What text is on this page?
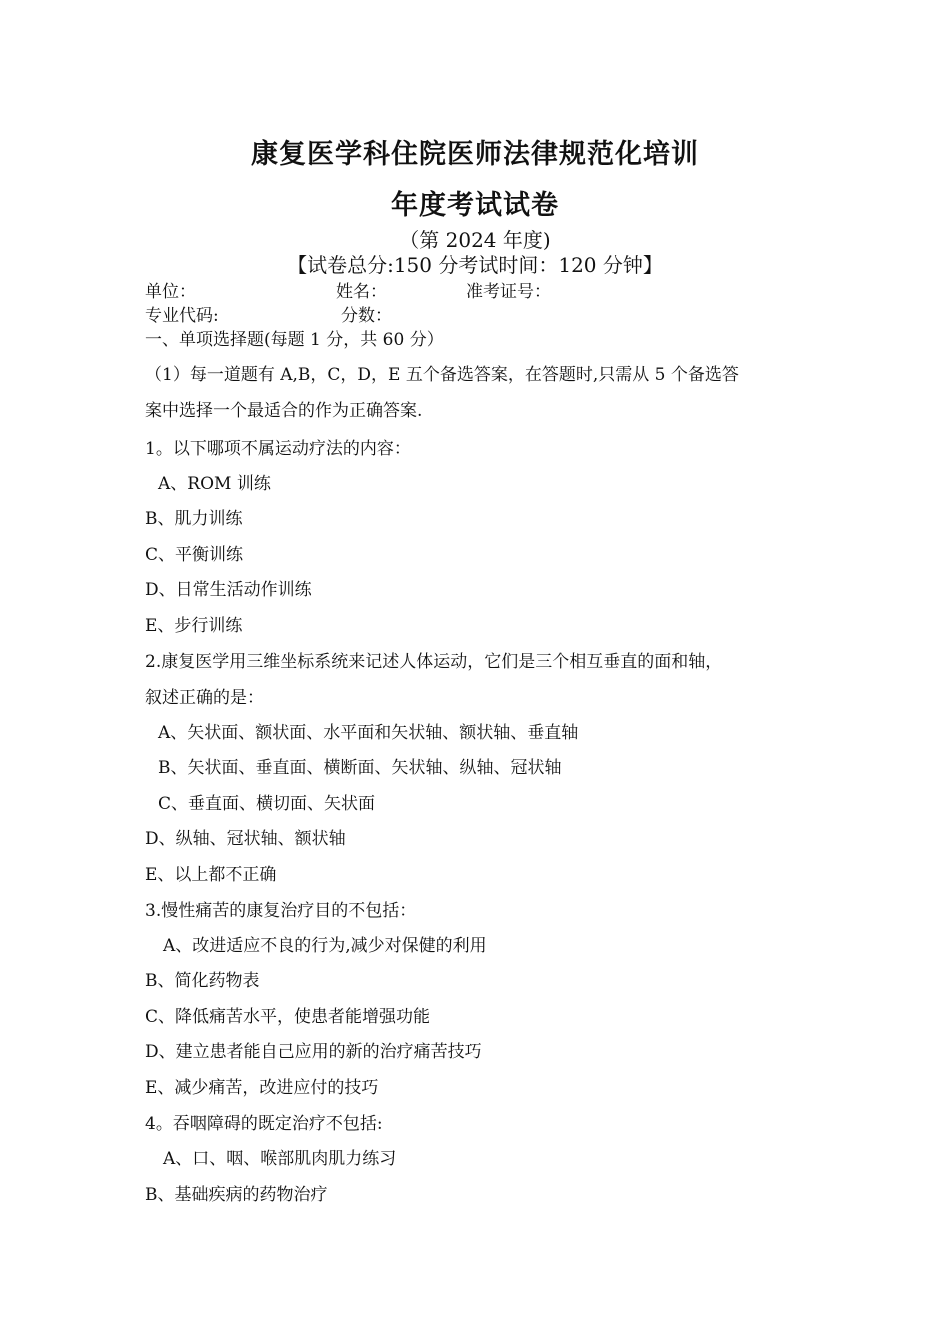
康复医学科住院医师法律规范化培训
年度考试试卷
（第 2024 年度)
【试卷总分:150 分考试时间：120 分钟】
单位：	姓名：	准考证号：
专业代码:	分数：
一、单项选择题(每题 1 分，共 60 分）
（1）每一道题有 A,B，C，D，E 五个备选答案，在答题时,只需从 5 个备选答
案中选择一个最适合的作为正确答案.
1。以下哪项不属运动疗法的内容：
A、ROM 训练
B、肌力训练
C、平衡训练
D、日常生活动作训练
E、步行训练
2.康复医学用三维坐标系统来记述人体运动，它们是三个相互垂直的面和轴，
叙述正确的是：
A、矢状面、额状面、水平面和矢状轴、额状轴、垂直轴
B、矢状面、垂直面、横断面、矢状轴、纵轴、冠状轴
C、垂直面、横切面、矢状面
D、纵轴、冠状轴、额状轴
E、以上都不正确
3.慢性痛苦的康复治疗目的不包括：
A、改进适应不良的行为,减少对保健的利用
B、简化药物表
C、降低痛苦水平，使患者能增强功能
D、建立患者能自己应用的新的治疗痛苦技巧
E、减少痛苦，改进应付的技巧
4。吞咽障碍的既定治疗不包括:
A、口、咽、喉部肌肉肌力练习
B、基础疾病的药物治疗
